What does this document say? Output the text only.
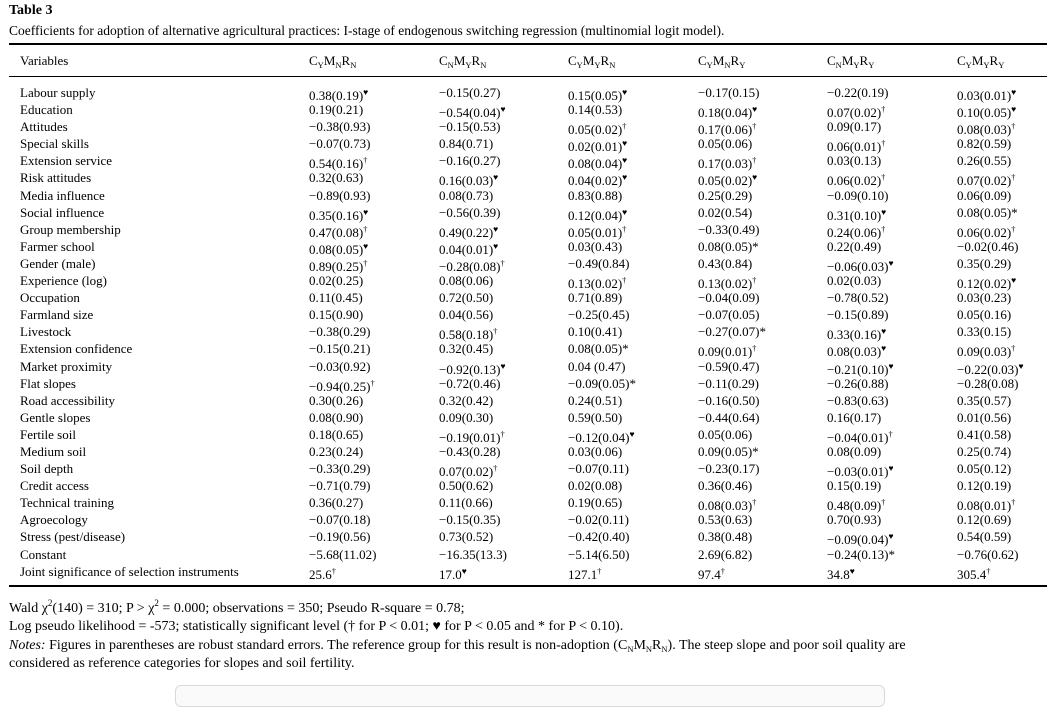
Table 3
Coefficients for adoption of alternative agricultural practices: I-stage of endogenous switching regression (multinomial logit model).
Variables	$C_YM_NR_N$	$C_NM_YR_N$	$C_YM_YR_N$	$C_YM_NR_Y$	$C_NM_YR_Y$	$C_YM_YR_Y$
Labour supply	0.38(0.19)♥	−0.15(0.27)	0.15(0.05)♥	−0.17(0.15)	−0.22(0.19)	0.03(0.01)♥
Education	0.19(0.21)	−0.54(0.04)♥	0.14(0.53)	0.18(0.04)♥	0.07(0.02)†	0.10(0.05)♥
Attitudes	−0.38(0.93)	−0.15(0.53)	0.05(0.02)†	0.17(0.06)†	0.09(0.17)	0.08(0.03)†
Special skills	−0.07(0.73)	0.84(0.71)	0.02(0.01)♥	0.05(0.06)	0.06(0.01)†	0.82(0.59)
Extension service	0.54(0.16)†	−0.16(0.27)	0.08(0.04)♥	0.17(0.03)†	0.03(0.13)	0.26(0.55)
Risk attitudes	0.32(0.63)	0.16(0.03)♥	0.04(0.02)♥	0.05(0.02)♥	0.06(0.02)†	0.07(0.02)†
Media influence	−0.89(0.93)	0.08(0.73)	0.83(0.88)	0.25(0.29)	−0.09(0.10)	0.06(0.09)
Social influence	0.35(0.16)♥	−0.56(0.39)	0.12(0.04)♥	0.02(0.54)	0.31(0.10)♥	0.08(0.05)*
Group membership	0.47(0.08)†	0.49(0.22)♥	0.05(0.01)†	−0.33(0.49)	0.24(0.06)†	0.06(0.02)†
Farmer school	0.08(0.05)♥	0.04(0.01)♥	0.03(0.43)	0.08(0.05)*	0.22(0.49)	−0.02(0.46)
Gender (male)	0.89(0.25)†	−0.28(0.08)†	−0.49(0.84)	0.43(0.84)	−0.06(0.03)♥	0.35(0.29)
Experience (log)	0.02(0.25)	0.08(0.06)	0.13(0.02)†	0.13(0.02)†	0.02(0.03)	0.12(0.02)♥
Occupation	0.11(0.45)	0.72(0.50)	0.71(0.89)	−0.04(0.09)	−0.78(0.52)	0.03(0.23)
Farmland size	0.15(0.90)	0.04(0.56)	−0.25(0.45)	−0.07(0.05)	−0.15(0.89)	0.05(0.16)
Livestock	−0.38(0.29)	0.58(0.18)†	0.10(0.41)	−0.27(0.07)*	0.33(0.16)♥	0.33(0.15)
Extension confidence	−0.15(0.21)	0.32(0.45)	0.08(0.05)*	0.09(0.01)†	0.08(0.03)♥	0.09(0.03)†
Market proximity	−0.03(0.92)	−0.92(0.13)♥	0.04 (0.47)	−0.59(0.47)	−0.21(0.10)♥	−0.22(0.03)♥
Flat slopes	−0.94(0.25)†	−0.72(0.46)	−0.09(0.05)*	−0.11(0.29)	−0.26(0.88)	−0.28(0.08)
Road accessibility	0.30(0.26)	0.32(0.42)	0.24(0.51)	−0.16(0.50)	−0.83(0.63)	0.35(0.57)
Gentle slopes	0.08(0.90)	0.09(0.30)	0.59(0.50)	−0.44(0.64)	0.16(0.17)	0.01(0.56)
Fertile soil	0.18(0.65)	−0.19(0.01)†	−0.12(0.04)♥	0.05(0.06)	−0.04(0.01)†	0.41(0.58)
Medium soil	0.23(0.24)	−0.43(0.28)	0.03(0.06)	0.09(0.05)*	0.08(0.09)	0.25(0.74)
Soil depth	−0.33(0.29)	0.07(0.02)†	−0.07(0.11)	−0.23(0.17)	−0.03(0.01)♥	0.05(0.12)
Credit access	−0.71(0.79)	0.50(0.62)	0.02(0.08)	0.36(0.46)	0.15(0.19)	0.12(0.19)
Technical training	0.36(0.27)	0.11(0.66)	0.19(0.65)	0.08(0.03)†	0.48(0.09)†	0.08(0.01)†
Agroecology	−0.07(0.18)	−0.15(0.35)	−0.02(0.11)	0.53(0.63)	0.70(0.93)	0.12(0.69)
Stress (pest/disease)	−0.19(0.56)	0.73(0.52)	−0.42(0.40)	0.38(0.48)	−0.09(0.04)♥	0.54(0.59)
Constant	−5.68(11.02)	−16.35(13.3)	−5.14(6.50)	2.69(6.82)	−0.24(0.13)*	−0.76(0.62)
Joint significance of selection instruments	25.6†	17.0♥	127.1†	97.4†	34.8♥	305.4†
Wald $\chi^2(140) = 310$; $P > \chi^2 = 0.000$; observations = 350; Pseudo R-square = 0.78;
Log pseudo likelihood = -573; statistically significant level († for P < 0.01; ♥ for P < 0.05 and * for P < 0.10).
Notes: Figures in parentheses are robust standard errors. The reference group for this result is non-adoption $(C_NM_NR_N)$. The steep slope and poor soil quality are
considered as reference categories for slopes and soil fertility.
